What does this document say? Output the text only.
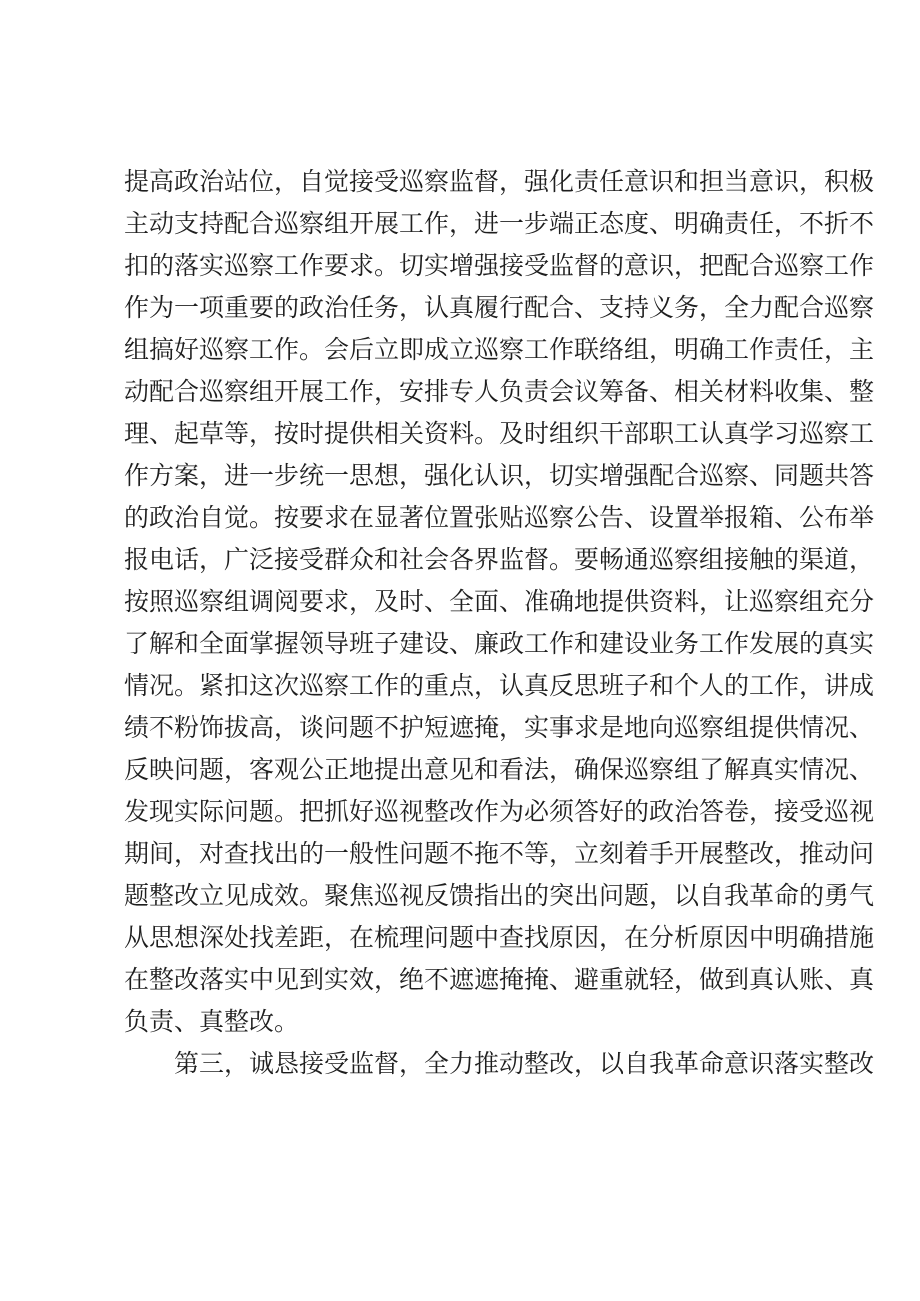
提高政治站位，自觉接受巡察监督，强化责任意识和担当意识，积极
主动支持配合巡察组开展工作，进一步端正态度、明确责任，不折不
扣的落实巡察工作要求。切实增强接受监督的意识，把配合巡察工作
作为一项重要的政治任务，认真履行配合、支持义务，全力配合巡察
组搞好巡察工作。会后立即成立巡察工作联络组，明确工作责任，主
动配合巡察组开展工作，安排专人负责会议筹备、相关材料收集、整
理、起草等，按时提供相关资料。及时组织干部职工认真学习巡察工
作方案，进一步统一思想，强化认识，切实增强配合巡察、同题共答
的政治自觉。按要求在显著位置张贴巡察公告、设置举报箱、公布举
报电话，广泛接受群众和社会各界监督。要畅通巡察组接触的渠道，
按照巡察组调阅要求，及时、全面、准确地提供资料，让巡察组充分
了解和全面掌握领导班子建设、廉政工作和建设业务工作发展的真实
情况。紧扣这次巡察工作的重点，认真反思班子和个人的工作，讲成
绩不粉饰拔高，谈问题不护短遮掩，实事求是地向巡察组提供情况、
反映问题，客观公正地提出意见和看法，确保巡察组了解真实情况、
发现实际问题。把抓好巡视整改作为必须答好的政治答卷，接受巡视
期间，对查找出的一般性问题不拖不等，立刻着手开展整改，推动问
题整改立见成效。聚焦巡视反馈指出的突出问题，以自我革命的勇气
从思想深处找差距，在梳理问题中查找原因，在分析原因中明确措施
在整改落实中见到实效，绝不遮遮掩掩、避重就轻，做到真认账、真
负责、真整改。
第三，诚恳接受监督，全力推动整改，以自我革命意识落实整改
